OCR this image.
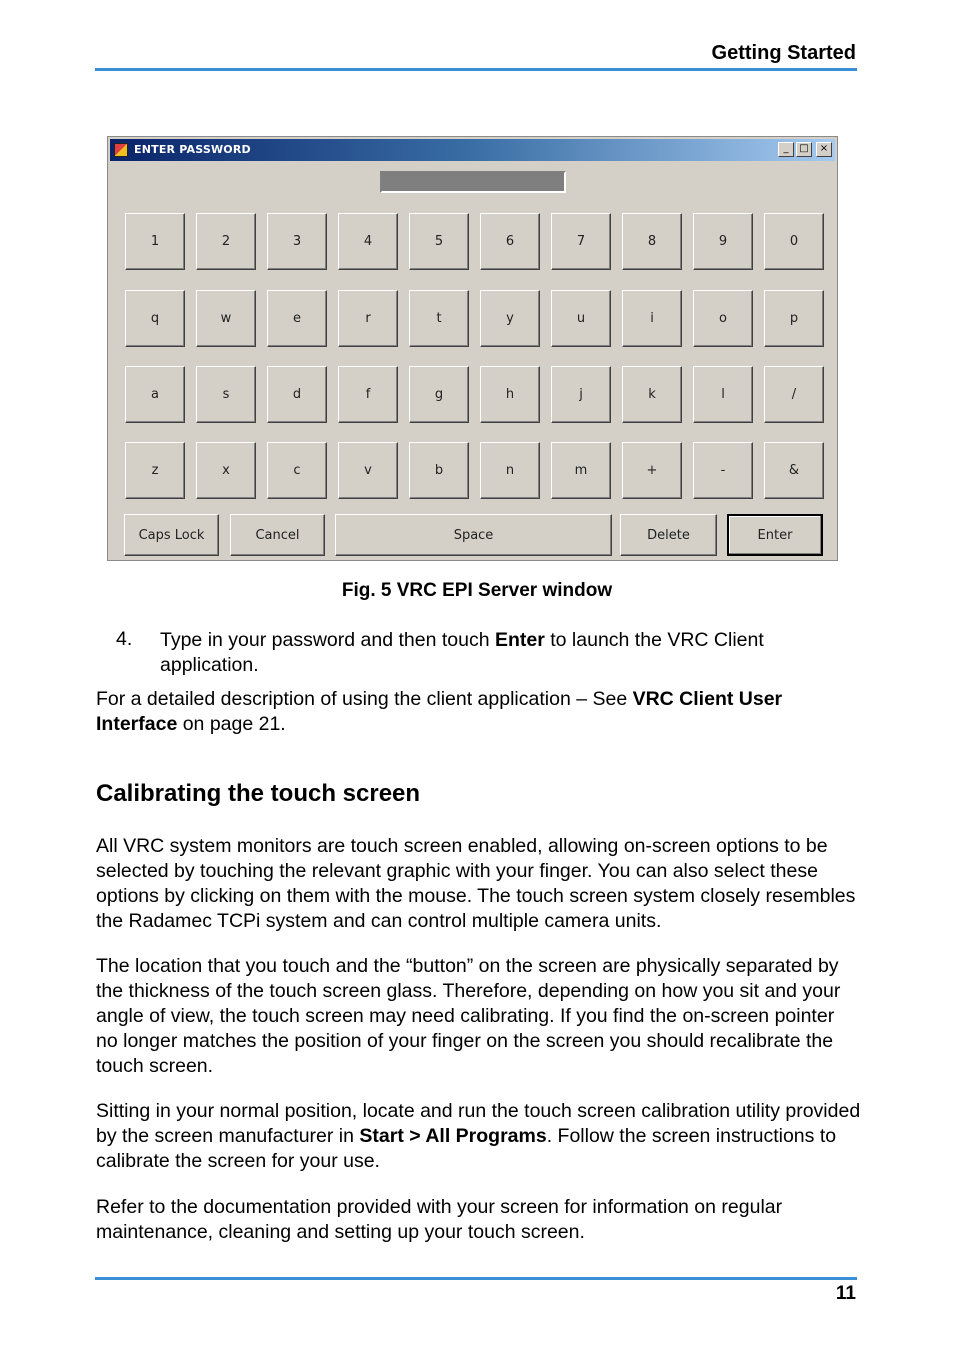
Getting Started
ENTER PASSWORD	_	□	×
1	2	3	4	5	6	7	8	9	0
q	w	e	r	t	y	u	i	o	p
a	s	d	f	g	h	j	k	l	/
z	x	c	v	b	n	m	+	-	&
Caps Lock	Cancel	Space	Delete	Enter
Fig. 5 VRC EPI Server window
4. Type in your password and then touch Enter to launch the VRC Client application.
For a detailed description of using the client application – See VRC Client User Interface on page 21.
Calibrating the touch screen
All VRC system monitors are touch screen enabled, allowing on-screen options to be selected by touching the relevant graphic with your finger. You can also select these options by clicking on them with the mouse. The touch screen system closely resembles the Radamec TCPi system and can control multiple camera units.
The location that you touch and the “button” on the screen are physically separated by the thickness of the touch screen glass. Therefore, depending on how you sit and your angle of view, the touch screen may need calibrating. If you find the on-screen pointer no longer matches the position of your finger on the screen you should recalibrate the touch screen.
Sitting in your normal position, locate and run the touch screen calibration utility provided by the screen manufacturer in Start > All Programs. Follow the screen instructions to calibrate the screen for your use.
Refer to the documentation provided with your screen for information on regular maintenance, cleaning and setting up your touch screen.
11
